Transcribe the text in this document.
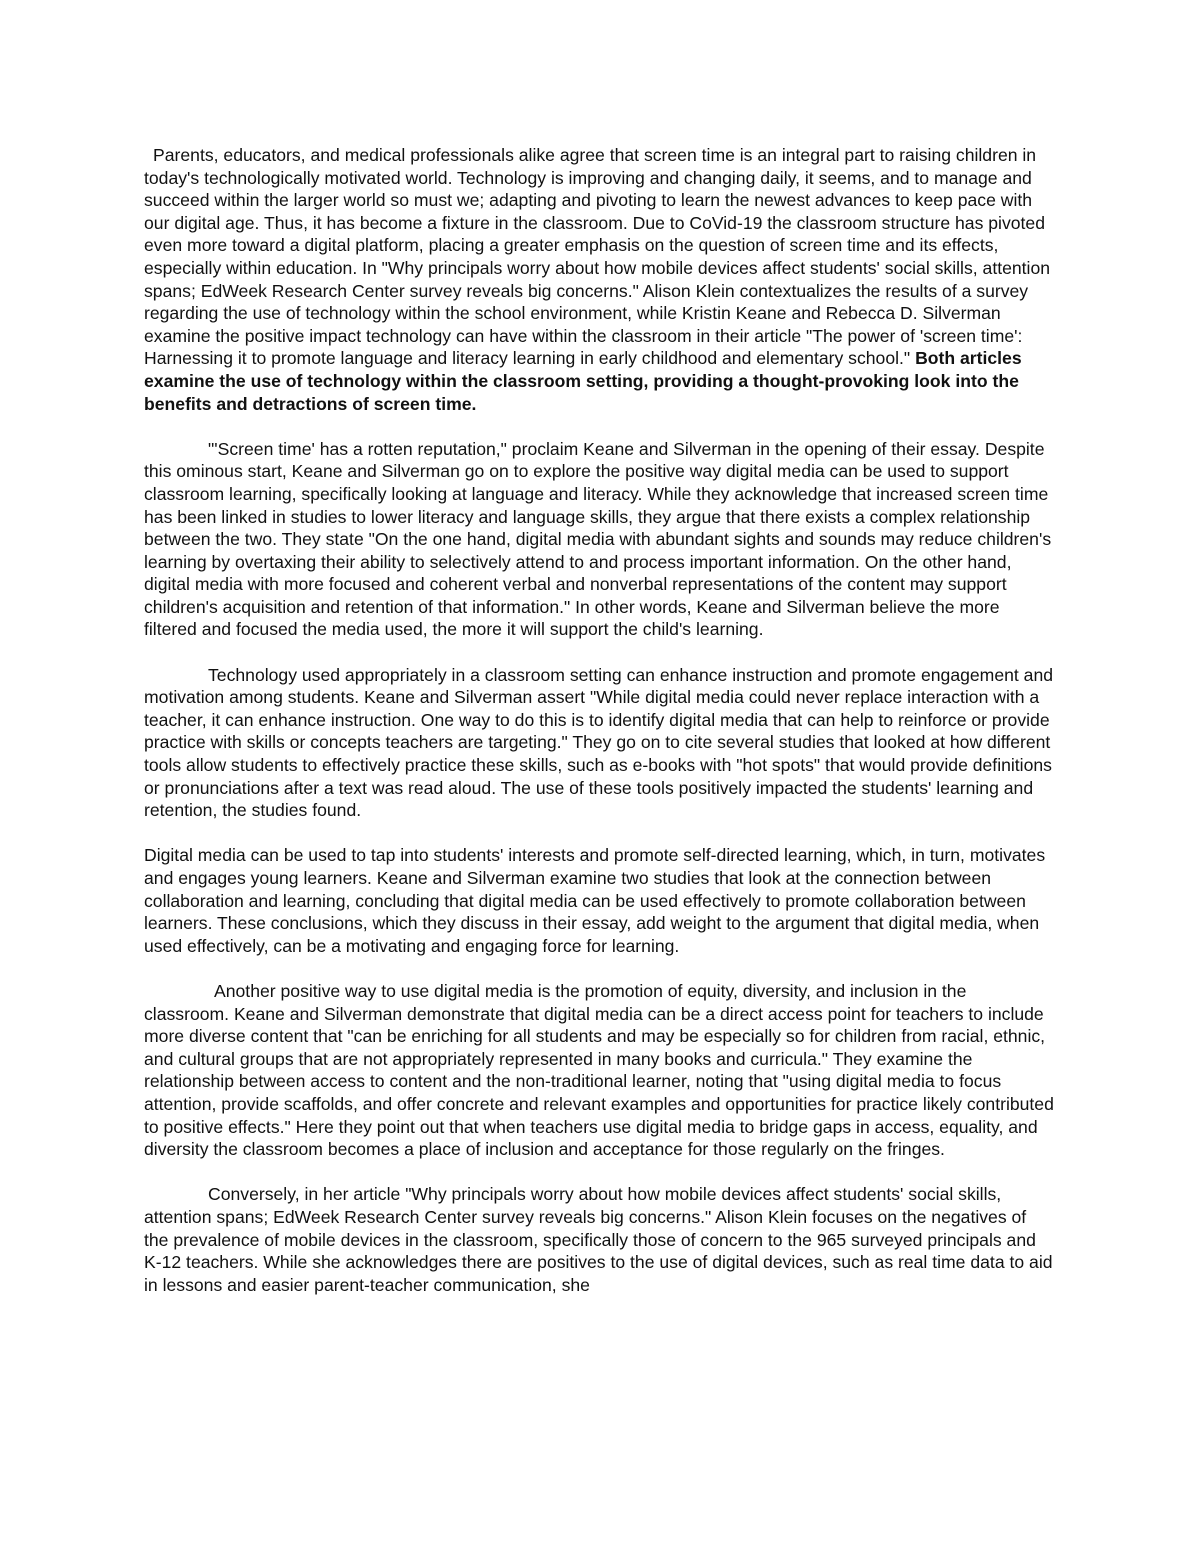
Parents, educators, and medical professionals alike agree that screen time is an integral part to raising children in today's technologically motivated world. Technology is improving and changing daily, it seems, and to manage and succeed within the larger world so must we; adapting and pivoting to learn the newest advances to keep pace with our digital age. Thus, it has become a fixture in the classroom. Due to CoVid-19 the classroom structure has pivoted even more toward a digital platform, placing a greater emphasis on the question of screen time and its effects, especially within education. In "Why principals worry about how mobile devices affect students' social skills, attention spans; EdWeek Research Center survey reveals big concerns." Alison Klein contextualizes the results of a survey regarding the use of technology within the school environment, while Kristin Keane and Rebecca D. Silverman examine the positive impact technology can have within the classroom in their article "The power of 'screen time': Harnessing it to promote language and literacy learning in early childhood and elementary school." Both articles examine the use of technology within the classroom setting, providing a thought-provoking look into the benefits and detractions of screen time.

"'Screen time' has a rotten reputation," proclaim Keane and Silverman in the opening of their essay. Despite this ominous start, Keane and Silverman go on to explore the positive way digital media can be used to support classroom learning, specifically looking at language and literacy. While they acknowledge that increased screen time has been linked in studies to lower literacy and language skills, they argue that there exists a complex relationship between the two. They state "On the one hand, digital media with abundant sights and sounds may reduce children's learning by overtaxing their ability to selectively attend to and process important information. On the other hand, digital media with more focused and coherent verbal and nonverbal representations of the content may support children's acquisition and retention of that information." In other words, Keane and Silverman believe the more filtered and focused the media used, the more it will support the child's learning.

Technology used appropriately in a classroom setting can enhance instruction and promote engagement and motivation among students. Keane and Silverman assert "While digital media could never replace interaction with a teacher, it can enhance instruction. One way to do this is to identify digital media that can help to reinforce or provide practice with skills or concepts teachers are targeting." They go on to cite several studies that looked at how different tools allow students to effectively practice these skills, such as e-books with "hot spots" that would provide definitions or pronunciations after a text was read aloud. The use of these tools positively impacted the students' learning and retention, the studies found.

Digital media can be used to tap into students' interests and promote self-directed learning, which, in turn, motivates and engages young learners. Keane and Silverman examine two studies that look at the connection between collaboration and learning, concluding that digital media can be used effectively to promote collaboration between learners. These conclusions, which they discuss in their essay, add weight to the argument that digital media, when used effectively, can be a motivating and engaging force for learning.

Another positive way to use digital media is the promotion of equity, diversity, and inclusion in the classroom. Keane and Silverman demonstrate that digital media can be a direct access point for teachers to include more diverse content that "can be enriching for all students and may be especially so for children from racial, ethnic, and cultural groups that are not appropriately represented in many books and curricula." They examine the relationship between access to content and the non-traditional learner, noting that "using digital media to focus attention, provide scaffolds, and offer concrete and relevant examples and opportunities for practice likely contributed to positive effects." Here they point out that when teachers use digital media to bridge gaps in access, equality, and diversity the classroom becomes a place of inclusion and acceptance for those regularly on the fringes.

Conversely, in her article "Why principals worry about how mobile devices affect students' social skills, attention spans; EdWeek Research Center survey reveals big concerns." Alison Klein focuses on the negatives of the prevalence of mobile devices in the classroom, specifically those of concern to the 965 surveyed principals and K-12 teachers. While she acknowledges there are positives to the use of digital devices, such as real time data to aid in lessons and easier parent-teacher communication, she
